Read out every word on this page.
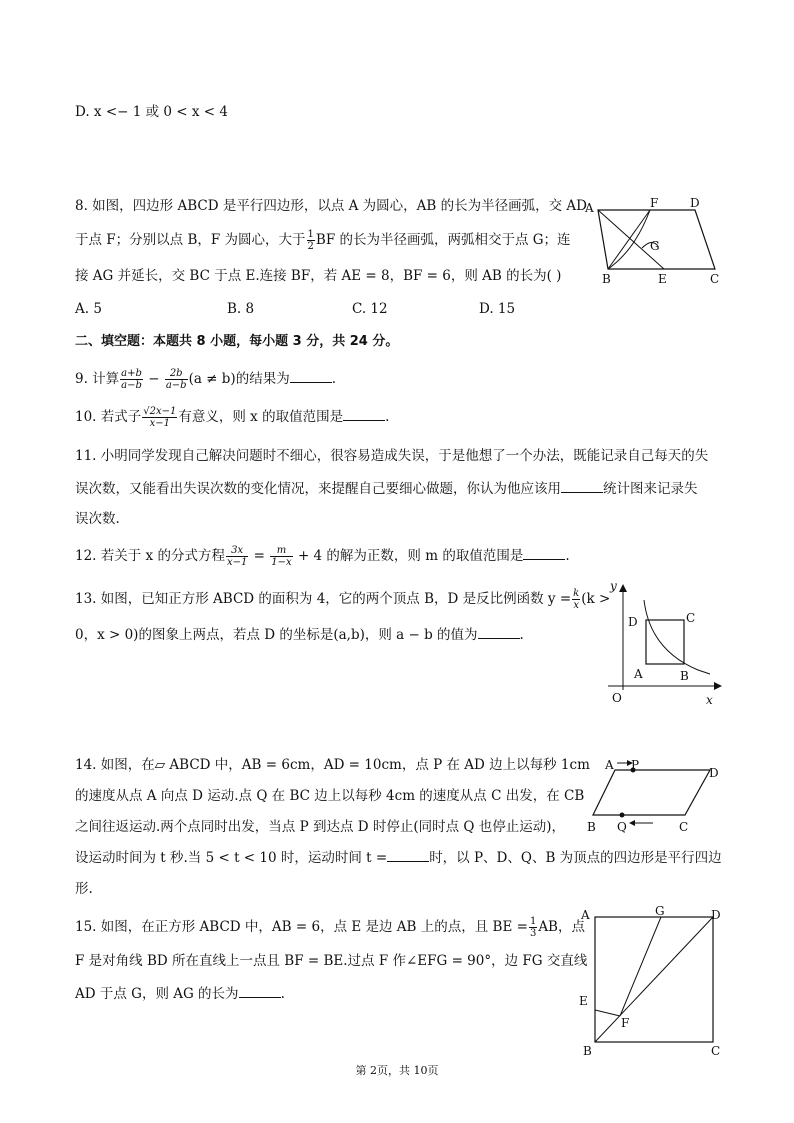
D. x <− 1 或 0 < x < 4
8. 如图，四边形 ABCD 是平行四边形，以点 A 为圆心，AB 的长为半径画弧，交 AD
于点 F；分别以点 B，F 为圆心，大于 $\frac{1}{2}$ BF 的长为半径画弧，两弧相交于点 G；连
接 AG 并延长，交 BC 于点 E.连接 BF，若 AE = 8，BF = 6，则 AB 的长为( )
A. 5	B. 8	C. 12	D. 15
A	F	D
G
B	E	C
二、填空题：本题共 8 小题，每小题 3 分，共 24 分。
9. 计算 $\frac{a+b}{a-b} - \frac{2b}{a-b} (a \ne b)$的结果为	.
10. 若式子 $\frac{√2x-1}{x-1}$ 有意义，则 x 的取值范围是	.
11. 小明同学发现自己解决问题时不细心，很容易造成失误，于是他想了一个办法，既能记录自己每天的失
误次数，又能看出失误次数的变化情况，来提醒自己要细心做题，你认为他应该用	统计图来记录失
误次数.
12. 若关于 x 的分式方程 $\frac{3x}{x-1} = \frac{m}{1-x} + 4$ 的解为正数，则 m 的取值范围是	.
13. 如图，已知正方形 ABCD 的面积为 4，它的两个顶点 B，D 是反比例函数 $y = \frac{k}{x} (k$ >
0，x > 0)的图象上两点，若点 D 的坐标是(a,b)，则 a − b 的值为	.
y
x
O
A	B
C
D
14. 如图，在▱ ABCD 中，AB = 6cm，AD = 10cm，点 P 在 AD 边上以每秒 1cm
的速度从点 A 向点 D 运动.点 Q 在 BC 边上以每秒 4cm 的速度从点 C 出发，在 CB
之间往返运动.两个点同时出发，当点 P 到达点 D 时停止(同时点 Q 也停止运动)，
设运动时间为 t 秒.当 5 < t < 10 时，运动时间 t =	时，以 P、D、Q、B 为顶点的四边形是平行四边
形.
A P
D
B Q	C
15. 如图，在正方形 ABCD 中，AB = 6，点 E 是边 AB 上的点，且 BE = $\frac{1}{3}$ AB，点
F 是对角线 BD 所在直线上一点且 BF = BE.过点 F 作∠EFG = 90°，边 FG 交直线
AD 于点 G，则 AG 的长为	.
A	G	D
E
F
B	C
第 2页，共 10页
